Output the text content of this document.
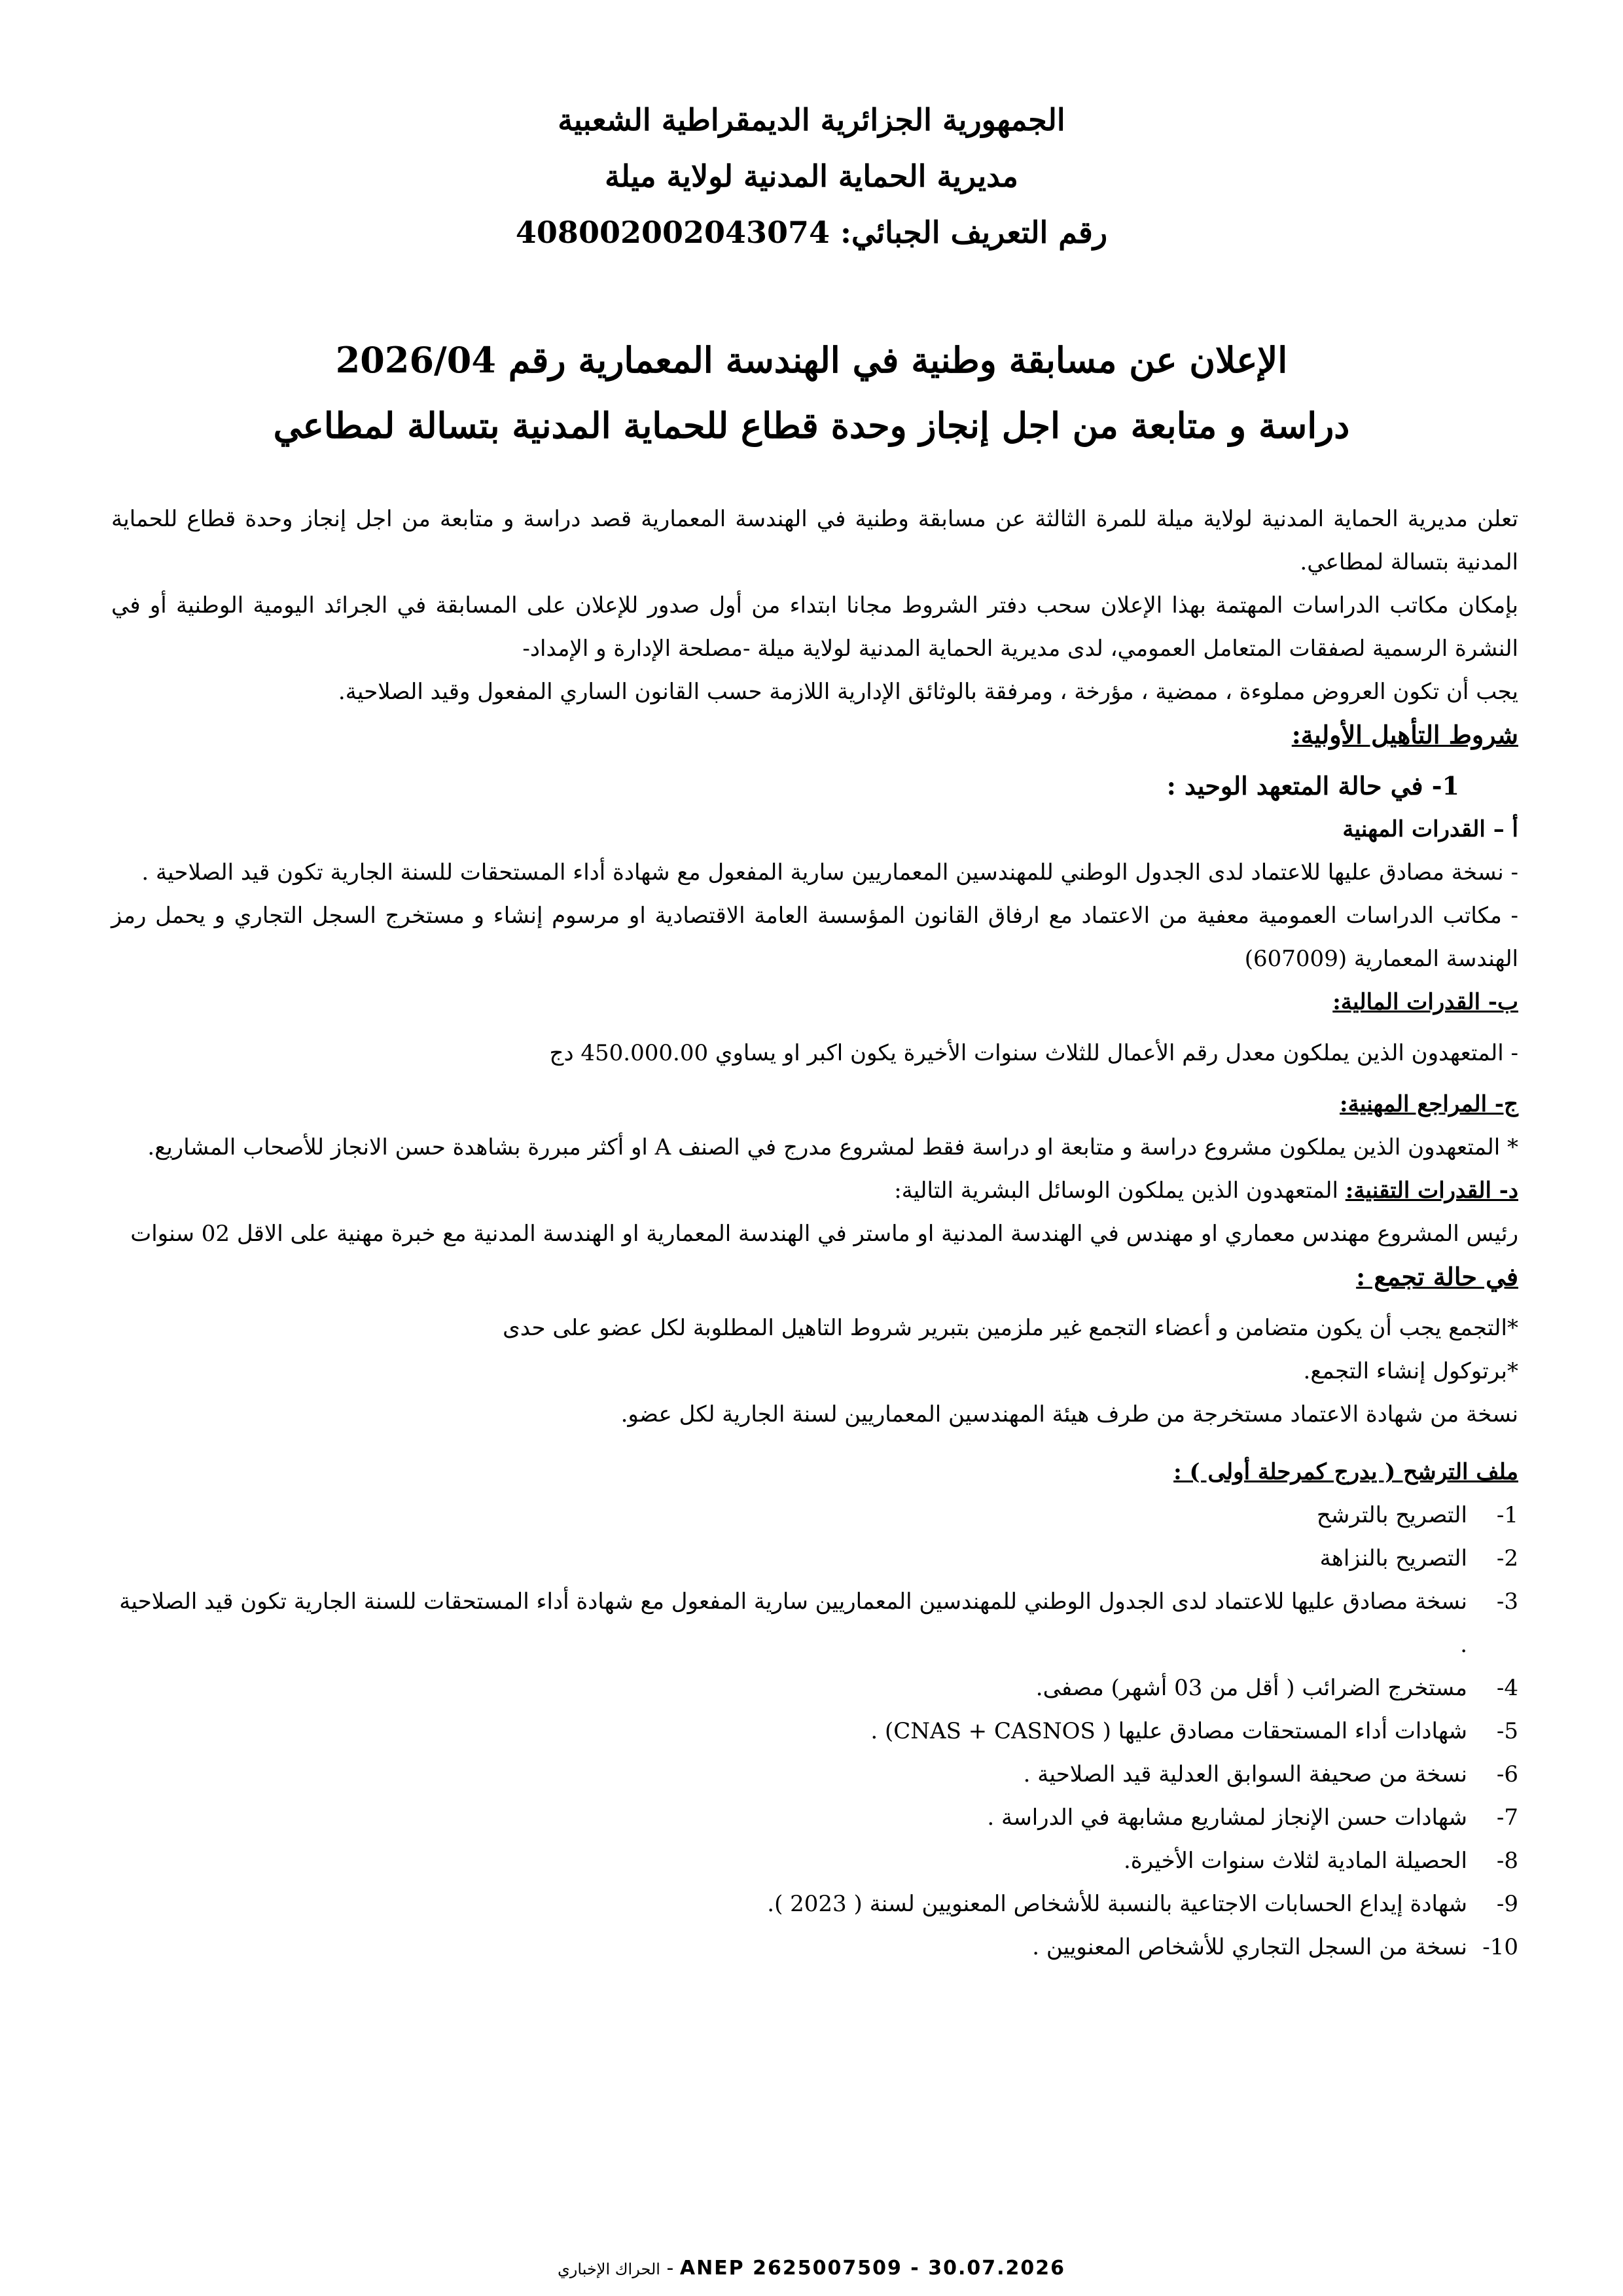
الجمهورية الجزائرية الديمقراطية الشعبية
مديرية الحماية المدنية لولاية ميلة
رقم التعريف الجبائي: 408002002043074
الإعلان عن مسابقة وطنية في الهندسة المعمارية رقم 2026/04
دراسة و متابعة من اجل إنجاز وحدة قطاع للحماية المدنية بتسالة لمطاعي

تعلن مديرية الحماية المدنية لولاية ميلة للمرة الثالثة عن مسابقة وطنية في الهندسة المعمارية قصد دراسة و متابعة من اجل إنجاز وحدة قطاع للحماية المدنية بتسالة لمطاعي.

بإمكان مكاتب الدراسات المهتمة بهذا الإعلان سحب دفتر الشروط مجانا ابتداء من أول صدور للإعلان على المسابقة في الجرائد اليومية الوطنية أو في النشرة الرسمية لصفقات المتعامل العمومي، لدى مديرية الحماية المدنية لولاية ميلة -مصلحة الإدارة و الإمداد-

يجب أن تكون العروض مملوءة ، ممضية ، مؤرخة ، ومرفقة بالوثائق الإدارية اللازمة حسب القانون الساري المفعول وقيد الصلاحية.

شروط التأهيل الأولية:

1- في حالة المتعهد الوحيد :

أ – القدرات المهنية

- نسخة مصادق عليها للاعتماد لدى الجدول الوطني للمهندسين المعماريين سارية المفعول مع شهادة أداء المستحقات للسنة الجارية تكون قيد الصلاحية .

- مكاتب الدراسات العمومية معفية من الاعتماد مع ارفاق القانون المؤسسة العامة الاقتصادية او مرسوم إنشاء و مستخرج السجل التجاري و يحمل رمز الهندسة المعمارية (607009)

ب- القدرات المالية:

- المتعهدون الذين يملكون معدل رقم الأعمال للثلاث سنوات الأخيرة يكون اكبر او يساوي 450.000.00 دج

ج- المراجع المهنية:

* المتعهدون الذين يملكون مشروع دراسة و متابعة او دراسة فقط لمشروع مدرج في الصنف A او أكثر مبررة بشاهدة حسن الانجاز للأصحاب المشاريع.

د- القدرات التقنية: المتعهدون الذين يملكون الوسائل البشرية التالية:

رئيس المشروع مهندس معماري او مهندس في الهندسة المدنية او ماستر في الهندسة المعمارية او الهندسة المدنية مع خبرة مهنية على الاقل 02 سنوات

في حالة تجمع :

*التجمع يجب أن يكون متضامن و أعضاء التجمع غير ملزمين بتبرير شروط التاهيل المطلوبة لكل عضو على حدى

*برتوكول إنشاء التجمع.

نسخة من شهادة الاعتماد مستخرجة من طرف هيئة المهندسين المعماريين لسنة الجارية لكل عضو.

ملف الترشح ( يدرج كمرحلة أولى ) :

1-
التصريح بالترشح
2-
التصريح بالنزاهة
3-
نسخة مصادق عليها للاعتماد لدى الجدول الوطني للمهندسين المعماريين سارية المفعول مع شهادة أداء المستحقات للسنة الجارية تكون قيد الصلاحية .
4-
مستخرج الضرائب ( أقل من 03 أشهر) مصفى.
5-
شهادات أداء المستحقات مصادق عليها ( CNAS + CASNOS) .
6-
نسخة من صحيفة السوابق العدلية قيد الصلاحية .
7-
شهادات حسن الإنجاز لمشاريع مشابهة في الدراسة .
8-
الحصيلة المادية لثلاث سنوات الأخيرة.
9-
شهادة إيداع الحسابات الاجتاعية بالنسبة للأشخاص المعنويين لسنة ( 2023 ).
10-
نسخة من السجل التجاري للأشخاص المعنويين .
الحراك الإخباري - ANEP 2625007509 - 30.07.2026
